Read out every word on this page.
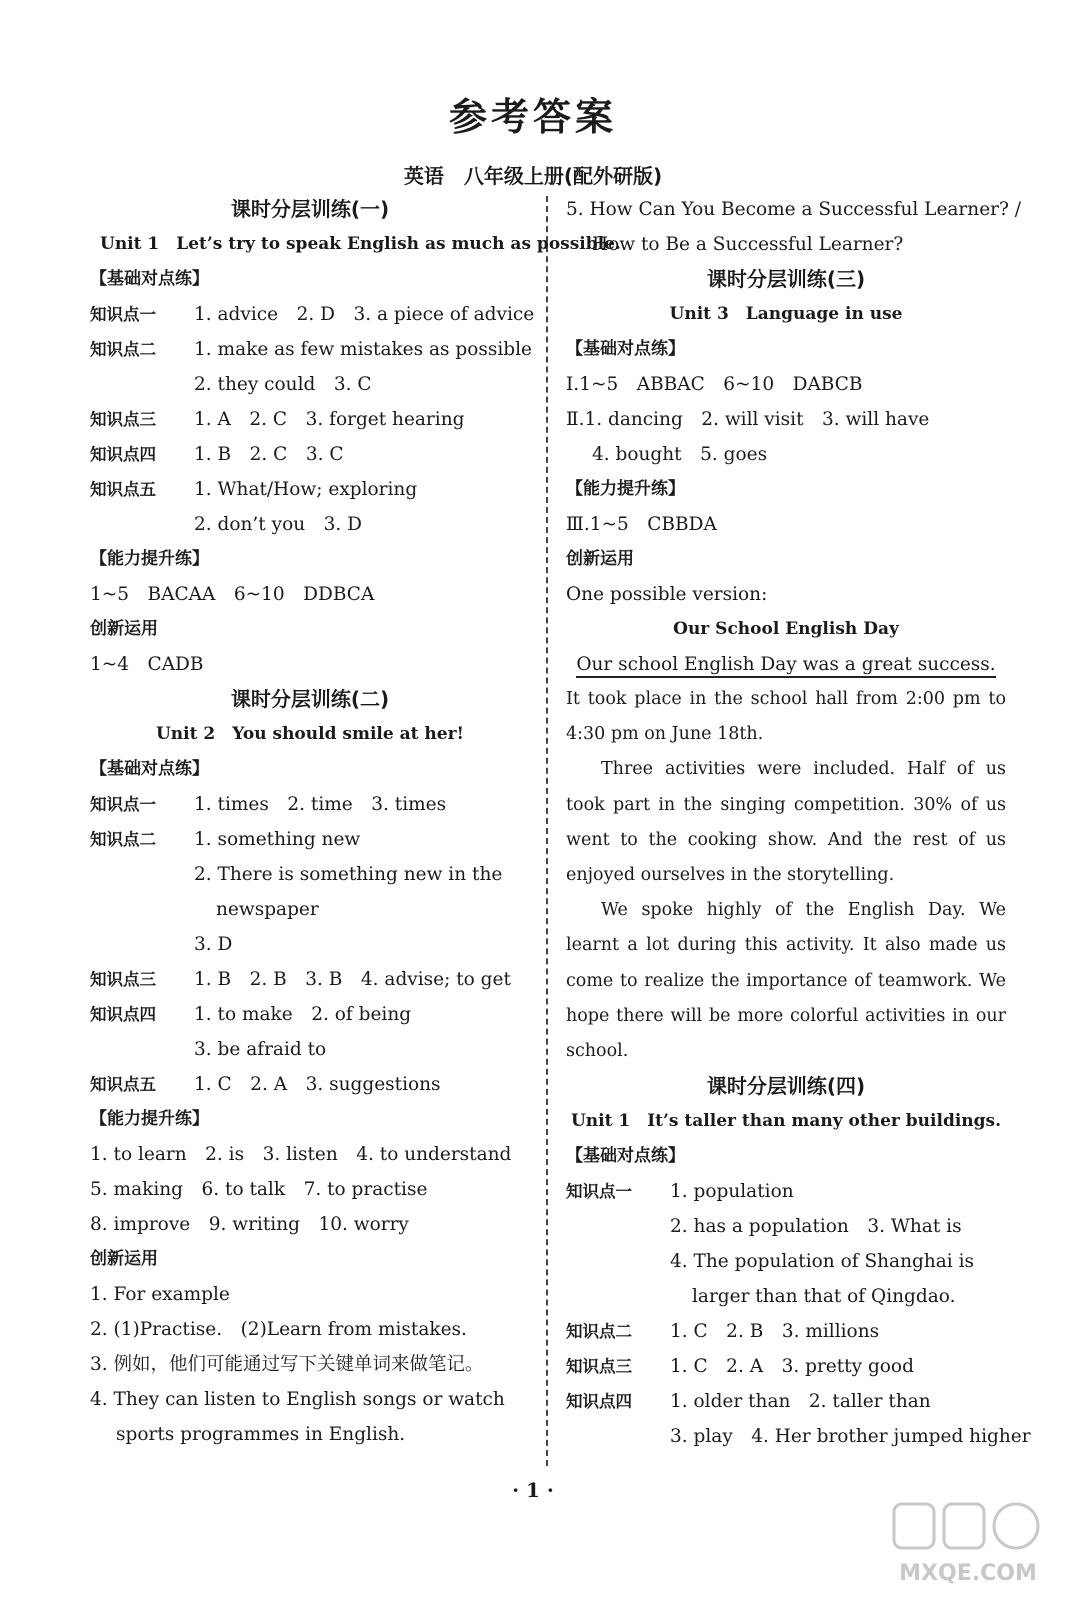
参考答案
英语　八年级上册(配外研版)
课时分层训练(一)
Unit 1　Let’s try to speak English as much as possible.
【基础对点练】
知识点一 1. advice　2. D　3. a piece of advice
知识点二 1. make as few mistakes as possible
2. they could　3. C
知识点三 1. A　2. C　3. forget hearing
知识点四 1. B　2. C　3. C
知识点五 1. What/How; exploring
2. don’t you　3. D
【能力提升练】
1~5　BACAA　6~10　DDBCA
创新运用
1~4　CADB
课时分层训练(二)
Unit 2　You should smile at her!
【基础对点练】
知识点一 1. times　2. time　3. times
知识点二 1. something new
2. There is something new in the
newspaper
3. D
知识点三 1. B　2. B　3. B　4. advise; to get
知识点四 1. to make　2. of being
3. be afraid to
知识点五 1. C　2. A　3. suggestions
【能力提升练】
1. to learn　2. is　3. listen　4. to understand
5. making　6. to talk　7. to practise
8. improve　9. writing　10. worry
创新运用
1. For example
2. (1)Practise.　(2)Learn from mistakes.
3. 例如，他们可能通过写下关键单词来做笔记。
4. They can listen to English songs or watch
sports programmes in English.
5. How Can You Become a Successful Learner? /
How to Be a Successful Learner?
课时分层训练(三)
Unit 3　Language in use
【基础对点练】
Ⅰ.1~5　ABBAC　6~10　DABCB
Ⅱ.1. dancing　2. will visit　3. will have
4. bought　5. goes
【能力提升练】
Ⅲ.1~5　CBBDA
创新运用
One possible version:
Our School English Day
Our school English Day was a great success.

It took place in the school hall from 2:00 pm to 4:30 pm on June 18th.

Three activities were included. Half of us took part in the singing competition. 30% of us went to the cooking show. And the rest of us enjoyed ourselves in the storytelling.

We spoke highly of the English Day. We learnt a lot during this activity. It also made us come to realize the importance of teamwork. We hope there will be more colorful activities in our school.

课时分层训练(四)
Unit 1　It’s taller than many other buildings.
【基础对点练】
知识点一 1. population
2. has a population　3. What is
4. The population of Shanghai is
larger than that of Qingdao.
知识点二 1. C　2. B　3. millions
知识点三 1. C　2. A　3. pretty good
知识点四 1. older than　2. taller than
3. play　4. Her brother jumped higher
· 1 ·
MXQE.COM
